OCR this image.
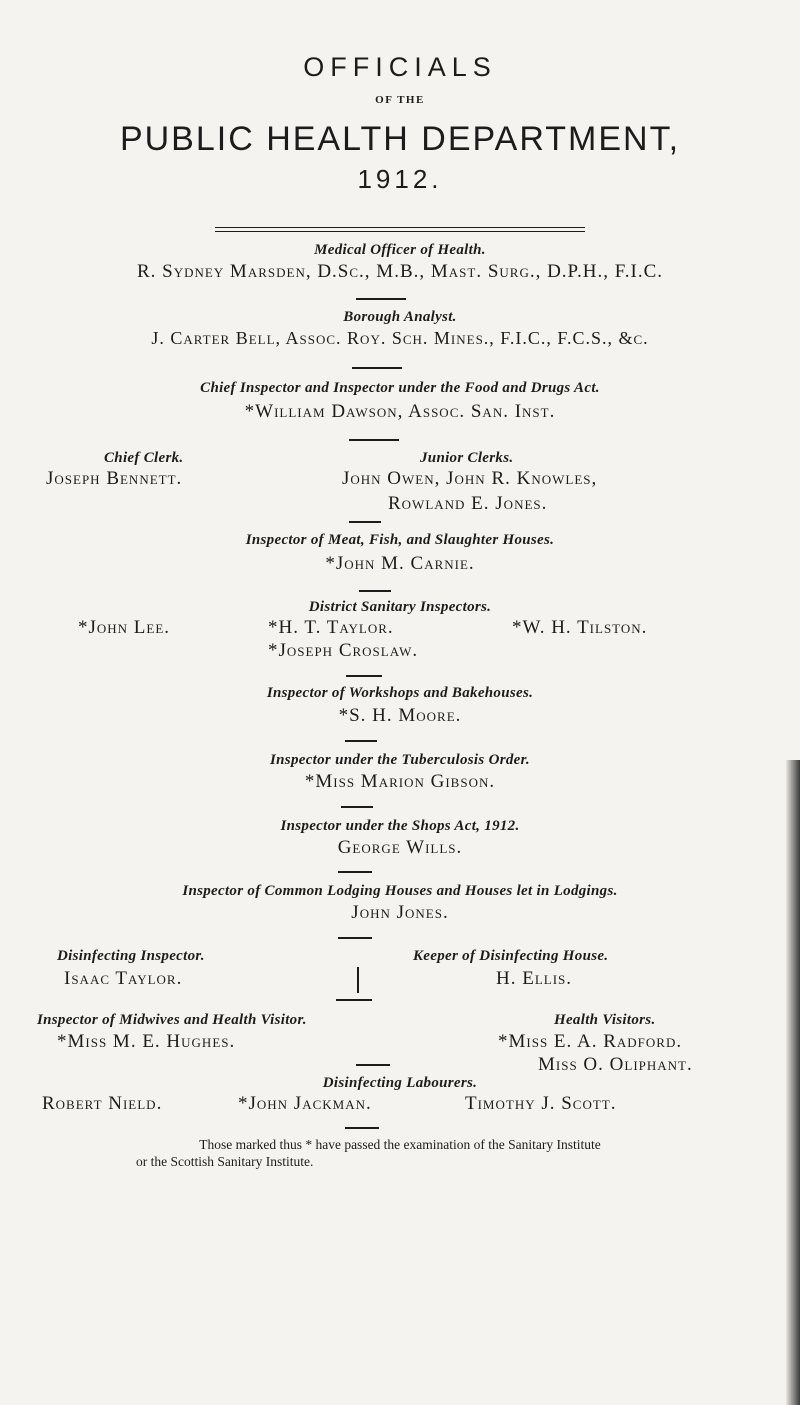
OFFICIALS
OF THE
PUBLIC HEALTH DEPARTMENT,
1912.
Medical Officer of Health.
R. Sydney Marsden, D.Sc., M.B., Mast. Surg., D.P.H., F.I.C.
Borough Analyst.
J. Carter Bell, Assoc. Roy. Sch. Mines., F.I.C., F.C.S., &c.
Chief Inspector and Inspector under the Food and Drugs Act.
*William Dawson, Assoc. San. Inst.
Chief Clerk.
Joseph Bennett.
Junior Clerks.
John Owen, John R. Knowles,
Rowland E. Jones.
Inspector of Meat, Fish, and Slaughter Houses.
*John M. Carnie.
District Sanitary Inspectors.
*John Lee.	*H. T. Taylor.	*W. H. Tilston.
*Joseph Croslaw.
Inspector of Workshops and Bakehouses.
*S. H. Moore.
Inspector under the Tuberculosis Order.
*Miss Marion Gibson.
Inspector under the Shops Act, 1912.
George Wills.
Inspector of Common Lodging Houses and Houses let in Lodgings.
John Jones.
Disinfecting Inspector.
Isaac Taylor.
Keeper of Disinfecting House.
H. Ellis.
Inspector of Midwives and Health Visitor.
*Miss M. E. Hughes.
Health Visitors.
*Miss E. A. Radford.
Miss O. Oliphant.
Disinfecting Labourers.
Robert Nield.	*John Jackman.	Timothy J. Scott.
Those marked thus * have passed the examination of the Sanitary Institute
or the Scottish Sanitary Institute.
